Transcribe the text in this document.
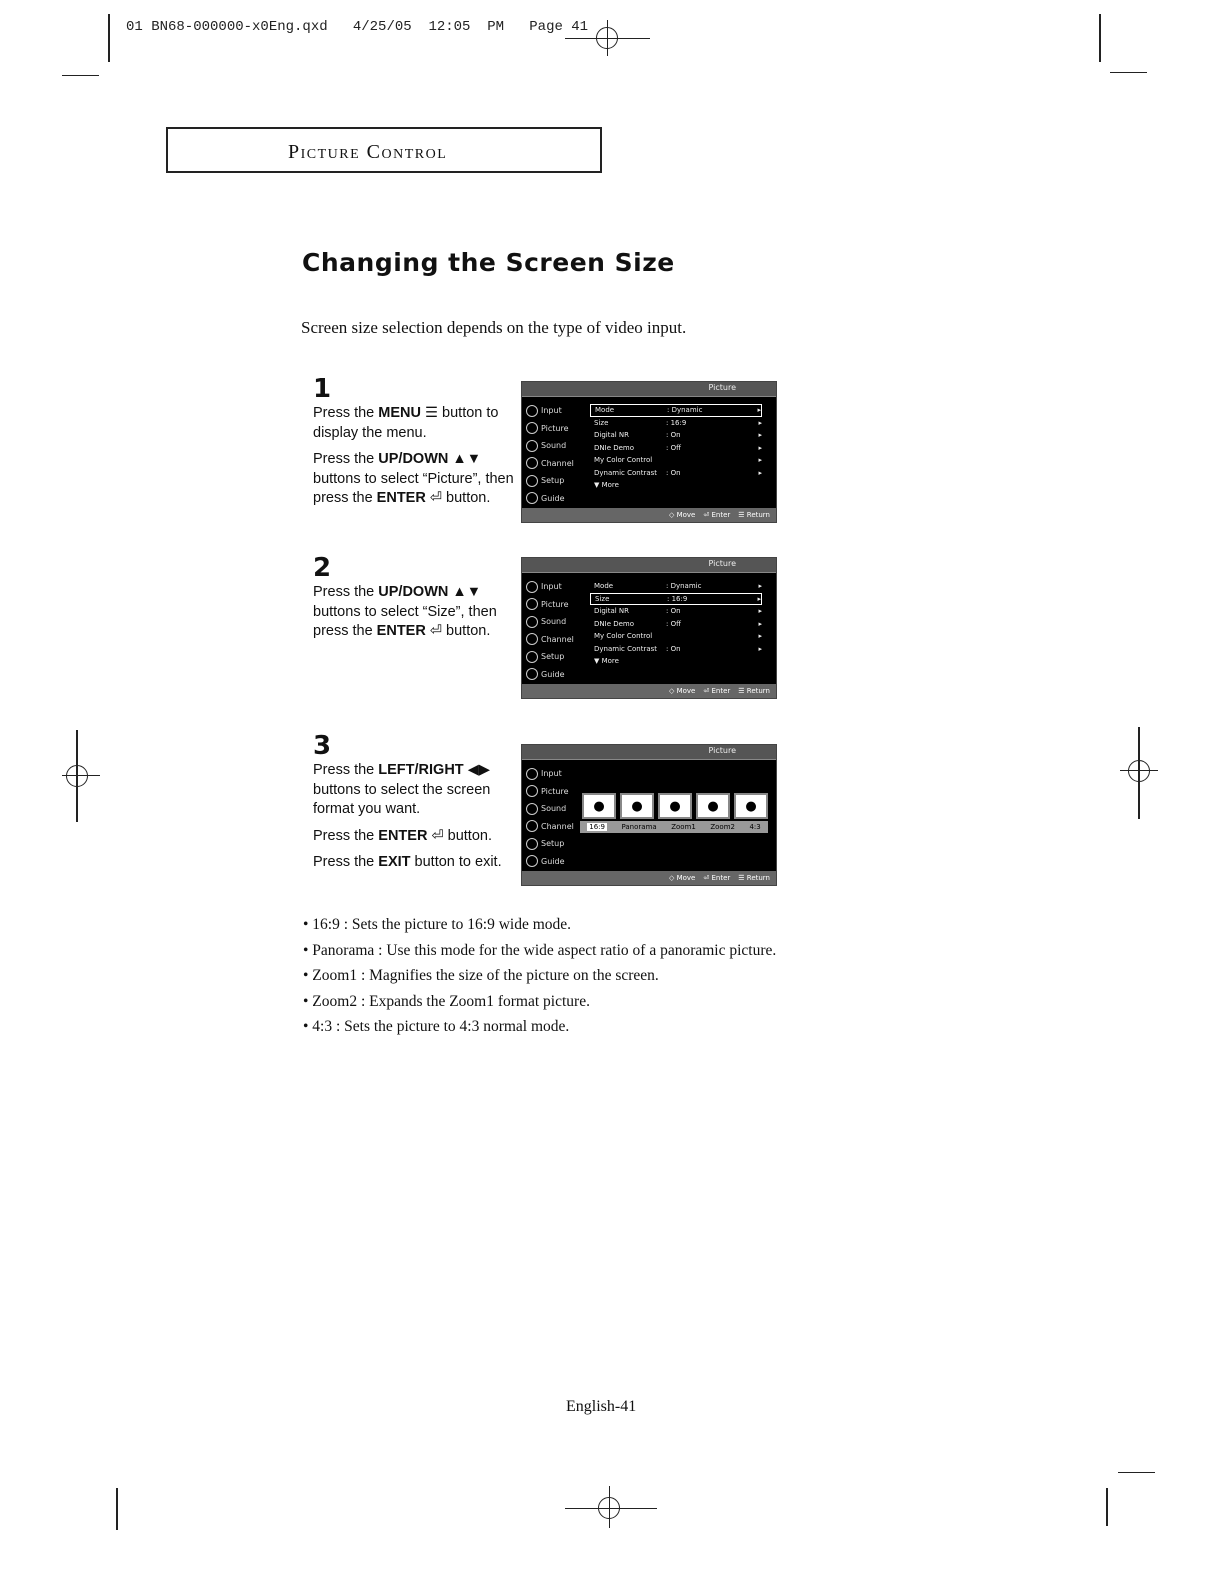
01 BN68-000000-x0Eng.qxd   4/25/05  12:05  PM   Page 41
Picture Control
Changing the Screen Size
Screen size selection depends on the type of video input.
1

Press the MENU ☰ button to display the menu.

Press the UP/DOWN ▲▼ buttons to select “Picture”, then press the ENTER ⏎ button.

Picture
Input
Picture
Sound
Channel
Setup
Guide
Mode	: Dynamic	▸
Size	: 16:9	▸
Digital NR	: On	▸
DNIe Demo	: Off	▸
My Color Control	▸
Dynamic Contrast	: On	▸
▼ More
◇ Move ⏎ Enter ☰ Return
2

Press the UP/DOWN ▲▼ buttons to select “Size”, then press the ENTER ⏎ button.

Picture
Input
Picture
Sound
Channel
Setup
Guide
Mode	: Dynamic	▸
Size	: 16:9	▸
Digital NR	: On	▸
DNIe Demo	: Off	▸
My Color Control	▸
Dynamic Contrast	: On	▸
▼ More
◇ Move ⏎ Enter ☰ Return
3

Press the LEFT/RIGHT ◀▶ buttons to select the screen format you want.

Press the ENTER ⏎ button.

Press the EXIT button to exit.

Picture
Input
Picture
Sound
Channel
Setup
Guide
●	●	●	●	●
16:9 Panorama Zoom1 Zoom2 4:3
◇ Move ⏎ Enter ☰ Return
• 16:9 : Sets the picture to 16:9 wide mode.
• Panorama : Use this mode for the wide aspect ratio of a panoramic picture.
• Zoom1 : Magnifies the size of the picture on the screen.
• Zoom2 : Expands the Zoom1 format picture.
• 4:3 : Sets the picture to 4:3 normal mode.
English-41
